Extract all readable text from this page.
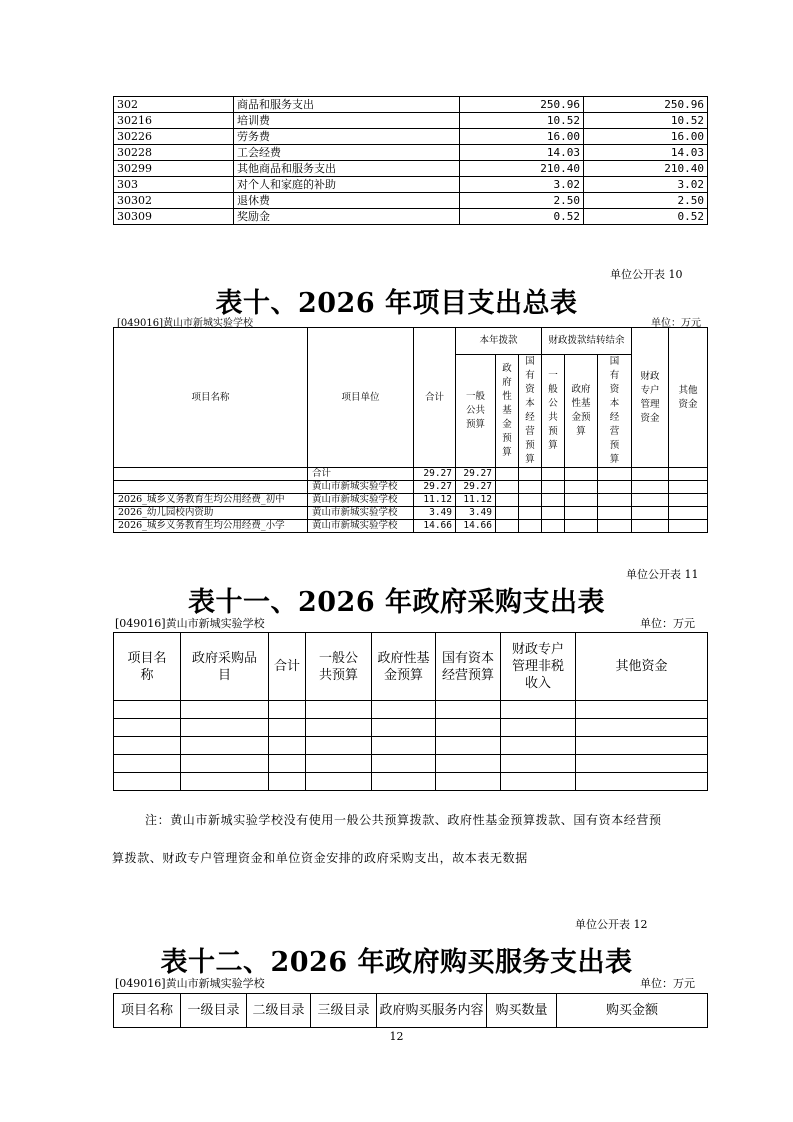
302	商品和服务支出	250.96	250.96
30216	培训费	10.52	10.52
30226	劳务费	16.00	16.00
30228	工会经费	14.03	14.03
30299	其他商品和服务支出	210.40	210.40
303	对个人和家庭的补助	3.02	3.02
30302	退休费	2.50	2.50
30309	奖励金	0.52	0.52
单位公开表 10
表十、2026 年项目支出总表
[049016]黄山市新城实验学校	单位：万元
项目名称	项目单位	合计	本年拨款			财政拨款结转结余			财政专户管理资金	其他资金
			一般公共预算	政府性基金预算	国有资本经营预算	一般公共预算	政府性基金预算	国有资本经营预算		

	合计	29.27	29.27							
	黄山市新城实验学校	29.27	29.27							
2026_城乡义务教育生均公用经费_初中	黄山市新城实验学校	11.12	11.12							
2026_幼儿园校内资助	黄山市新城实验学校	3.49	3.49							
2026_城乡义务教育生均公用经费_小学	黄山市新城实验学校	14.66	14.66							
单位公开表 11
表十一、2026 年政府采购支出表
[049016]黄山市新城实验学校	单位：万元
项目名称	政府采购品目	合计	一般公共预算	政府性基金预算	国有资本经营预算	财政专户管理非税收入	其他资金

注：黄山市新城实验学校没有使用一般公共预算拨款、政府性基金预算拨款、国有资本经营预
算拨款、财政专户管理资金和单位资金安排的政府采购支出，故本表无数据
单位公开表 12
表十二、2026 年政府购买服务支出表
[049016]黄山市新城实验学校	单位：万元
项目名称	一级目录	二级目录	三级目录	政府购买服务内容	购买数量	购买金额
12
